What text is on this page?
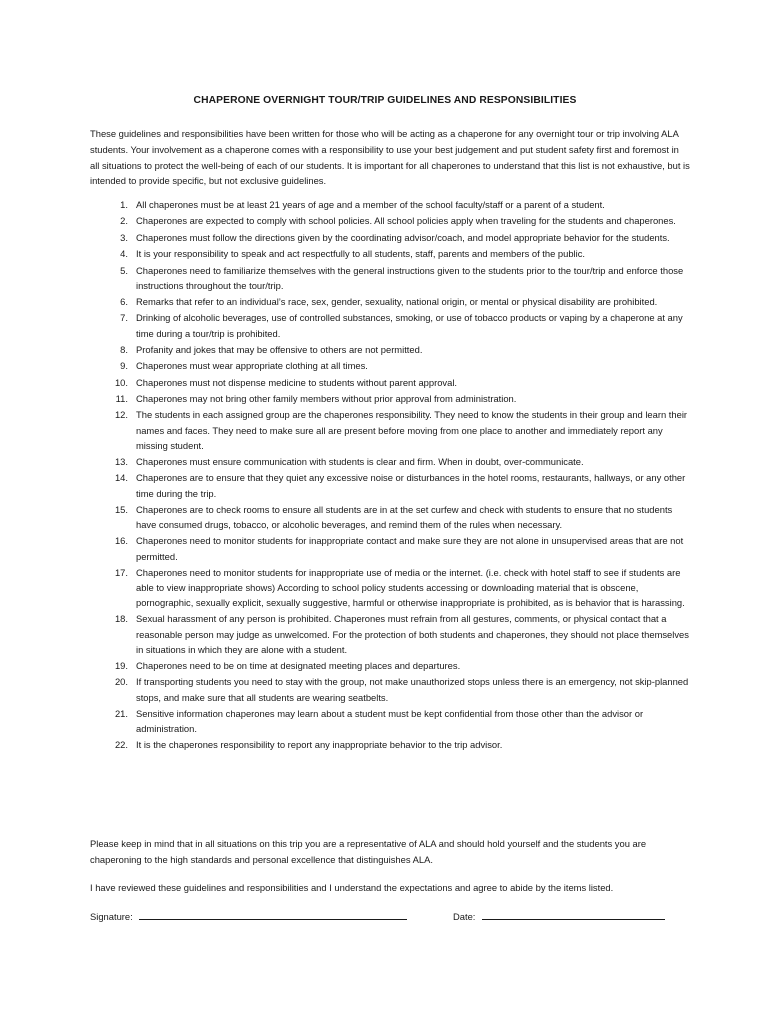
CHAPERONE OVERNIGHT TOUR/TRIP GUIDELINES AND RESPONSIBILITIES
These guidelines and responsibilities have been written for those who will be acting as a chaperone for any overnight tour or trip involving ALA students. Your involvement as a chaperone comes with a responsibility to use your best judgement and put student safety first and foremost in all situations to protect the well-being of each of our students. It is important for all chaperones to understand that this list is not exhaustive, but is intended to provide specific, but not exclusive guidelines.
1. All chaperones must be at least 21 years of age and a member of the school faculty/staff or a parent of a student.
2. Chaperones are expected to comply with school policies. All school policies apply when traveling for the students and chaperones.
3. Chaperones must follow the directions given by the coordinating advisor/coach, and model appropriate behavior for the students.
4. It is your responsibility to speak and act respectfully to all students, staff, parents and members of the public.
5. Chaperones need to familiarize themselves with the general instructions given to the students prior to the tour/trip and enforce those instructions throughout the tour/trip.
6. Remarks that refer to an individual’s race, sex, gender, sexuality, national origin, or mental or physical disability are prohibited.
7. Drinking of alcoholic beverages, use of controlled substances, smoking, or use of tobacco products or vaping by a chaperone at any time during a tour/trip is prohibited.
8. Profanity and jokes that may be offensive to others are not permitted.
9. Chaperones must wear appropriate clothing at all times.
10. Chaperones must not dispense medicine to students without parent approval.
11. Chaperones may not bring other family members without prior approval from administration.
12. The students in each assigned group are the chaperones responsibility. They need to know the students in their group and learn their names and faces. They need to make sure all are present before moving from one place to another and immediately report any missing student.
13. Chaperones must ensure communication with students is clear and firm. When in doubt, over-communicate.
14. Chaperones are to ensure that they quiet any excessive noise or disturbances in the hotel rooms, restaurants, hallways, or any other time during the trip.
15. Chaperones are to check rooms to ensure all students are in at the set curfew and check with students to ensure that no students have consumed drugs, tobacco, or alcoholic beverages, and remind them of the rules when necessary.
16. Chaperones need to monitor students for inappropriate contact and make sure they are not alone in unsupervised areas that are not permitted.
17. Chaperones need to monitor students for inappropriate use of media or the internet. (i.e. check with hotel staff to see if students are able to view inappropriate shows) According to school policy students accessing or downloading material that is obscene, pornographic, sexually explicit, sexually suggestive, harmful or otherwise inappropriate is prohibited, as is behavior that is harassing.
18. Sexual harassment of any person is prohibited. Chaperones must refrain from all gestures, comments, or physical contact that a reasonable person may judge as unwelcomed. For the protection of both students and chaperones, they should not place themselves in situations in which they are alone with a student.
19. Chaperones need to be on time at designated meeting places and departures.
20. If transporting students you need to stay with the group, not make unauthorized stops unless there is an emergency, not skip-planned stops, and make sure that all students are wearing seatbelts.
21. Sensitive information chaperones may learn about a student must be kept confidential from those other than the advisor or administration.
22. It is the chaperones responsibility to report any inappropriate behavior to the trip advisor.
Please keep in mind that in all situations on this trip you are a representative of ALA and should hold yourself and the students you are chaperoning to the high standards and personal excellence that distinguishes ALA.
I have reviewed these guidelines and responsibilities and I understand the expectations and agree to abide by the items listed.
Signature:	Date:
